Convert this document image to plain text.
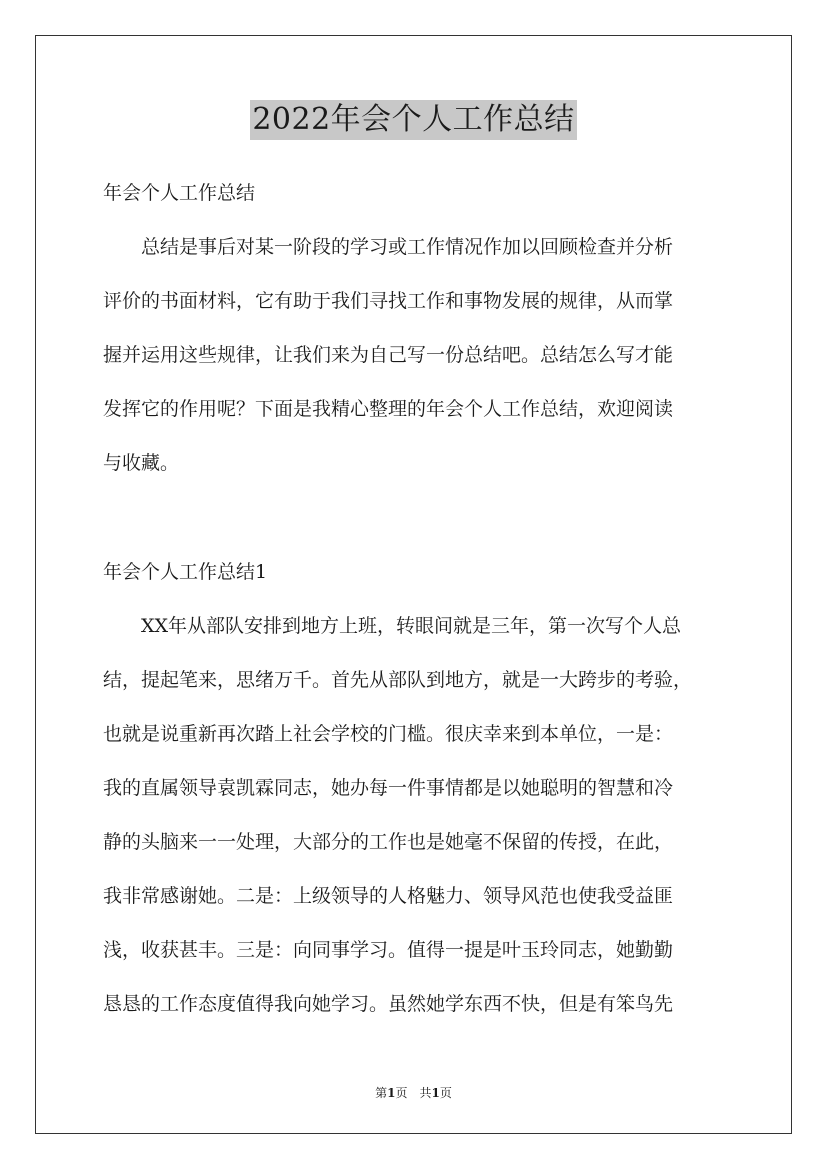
2022年会个人工作总结
年会个人工作总结
　　总结是事后对某一阶段的学习或工作情况作加以回顾检查并分析
评价的书面材料，它有助于我们寻找工作和事物发展的规律，从而掌
握并运用这些规律，让我们来为自己写一份总结吧。总结怎么写才能
发挥它的作用呢？下面是我精心整理的年会个人工作总结，欢迎阅读
与收藏。
年会个人工作总结1
　　XX年从部队安排到地方上班，转眼间就是三年，第一次写个人总
结，提起笔来，思绪万千。首先从部队到地方，就是一大跨步的考验，
也就是说重新再次踏上社会学校的门槛。很庆幸来到本单位，一是：
我的直属领导袁凯霖同志，她办每一件事情都是以她聪明的智慧和冷
静的头脑来一一处理，大部分的工作也是她毫不保留的传授，在此，
我非常感谢她。二是：上级领导的人格魅力、领导风范也使我受益匪
浅，收获甚丰。三是：向同事学习。值得一提是叶玉玲同志，她勤勤
恳恳的工作态度值得我向她学习。虽然她学东西不快，但是有笨鸟先
第1页　共1页
